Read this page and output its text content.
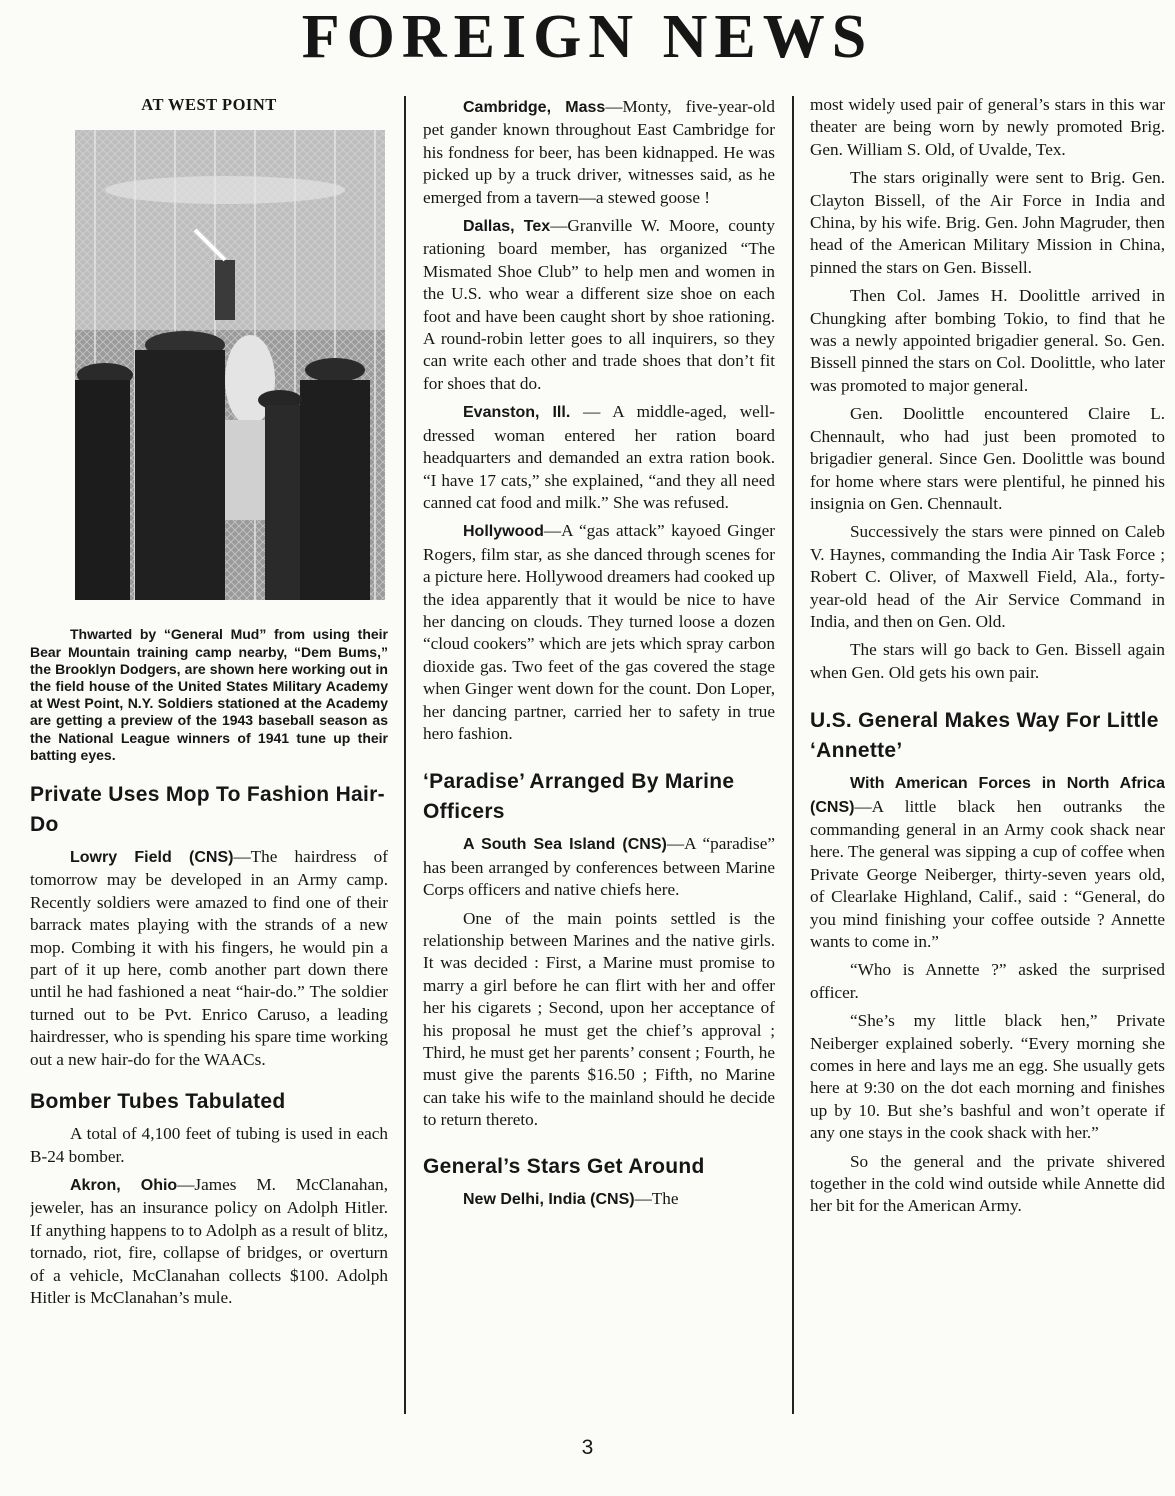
FOREIGN NEWS
AT WEST POINT
Thwarted by “General Mud” from using their Bear Mountain training camp nearby, “Dem Bums,” the Brooklyn Dodgers, are shown here working out in the field house of the United States Military Academy at West Point, N.Y. Soldiers stationed at the Academy are getting a preview of the 1943 baseball season as the National League winners of 1941 tune up their batting eyes.
Private Uses Mop To Fashion Hair-Do

Lowry Field (CNS)—The hairdress of tomorrow may be developed in an Army camp. Recently soldiers were amazed to find one of their barrack mates playing with the strands of a new mop. Combing it with his fingers, he would pin a part of it up here, comb another part down there until he had fashioned a neat “hair-do.” The soldier turned out to be Pvt. Enrico Caruso, a leading hairdresser, who is spending his spare time working out a new hair-do for the WAACs.

Bomber Tubes Tabulated

A total of 4,100 feet of tubing is used in each B-24 bomber.

Akron, Ohio—James M. McClanahan, jeweler, has an insurance policy on Adolph Hitler. If anything happens to to Adolph as a result of blitz, tornado, riot, fire, collapse of bridges, or overturn of a vehicle, McClanahan collects $100. Adolph Hitler is McClanahan’s mule.

Cambridge, Mass—Monty, five-year-old pet gander known throughout East Cambridge for his fondness for beer, has been kidnapped. He was picked up by a truck driver, witnesses said, as he emerged from a tavern—a stewed goose !

Dallas, Tex—Granville W. Moore, county rationing board member, has organized “The Mismated Shoe Club” to help men and women in the U.S. who wear a different size shoe on each foot and have been caught short by shoe rationing. A round-robin letter goes to all inquirers, so they can write each other and trade shoes that don’t fit for shoes that do.

Evanston, Ill. — A middle-aged, well-dressed woman entered her ration board headquarters and demanded an extra ration book. “I have 17 cats,” she explained, “and they all need canned cat food and milk.” She was refused.

Hollywood—A “gas attack” kayoed Ginger Rogers, film star, as she danced through scenes for a picture here. Hollywood dreamers had cooked up the idea apparently that it would be nice to have her dancing on clouds. They turned loose a dozen “cloud cookers” which are jets which spray carbon dioxide gas. Two feet of the gas covered the stage when Ginger went down for the count. Don Loper, her dancing partner, carried her to safety in true hero fashion.

‘Paradise’ Arranged By Marine Officers

A South Sea Island (CNS)—A “paradise” has been arranged by conferences between Marine Corps officers and native chiefs here.

One of the main points settled is the relationship between Marines and the native girls. It was decided : First, a Marine must promise to marry a girl before he can flirt with her and offer her his cigarets ; Second, upon her acceptance of his proposal he must get the chief’s approval ; Third, he must get her parents’ consent ; Fourth, he must give the parents $16.50 ; Fifth, no Marine can take his wife to the mainland should he decide to return thereto.

General’s Stars Get Around

New Delhi, India (CNS)—The

most widely used pair of general’s stars in this war theater are being worn by newly promoted Brig. Gen. William S. Old, of Uvalde, Tex.

The stars originally were sent to Brig. Gen. Clayton Bissell, of the Air Force in India and China, by his wife. Brig. Gen. John Magruder, then head of the American Military Mission in China, pinned the stars on Gen. Bissell.

Then Col. James H. Doolittle arrived in Chungking after bombing Tokio, to find that he was a newly appointed brigadier general. So. Gen. Bissell pinned the stars on Col. Doolittle, who later was promoted to major general.

Gen. Doolittle encountered Claire L. Chennault, who had just been promoted to brigadier general. Since Gen. Doolittle was bound for home where stars were plentiful, he pinned his insignia on Gen. Chennault.

Successively the stars were pinned on Caleb V. Haynes, commanding the India Air Task Force ; Robert C. Oliver, of Maxwell Field, Ala., forty-year-old head of the Air Service Command in India, and then on Gen. Old.

The stars will go back to Gen. Bissell again when Gen. Old gets his own pair.

U.S. General Makes Way For Little ‘Annette’

With American Forces in North Africa (CNS)—A little black hen outranks the commanding general in an Army cook shack near here. The general was sipping a cup of coffee when Private George Neiberger, thirty-seven years old, of Clearlake Highland, Calif., said : “General, do you mind finishing your coffee outside ? Annette wants to come in.”

“Who is Annette ?” asked the surprised officer.

“She’s my little black hen,” Private Neiberger explained soberly. “Every morning she comes in here and lays me an egg. She usually gets here at 9:30 on the dot each morning and finishes up by 10. But she’s bashful and won’t operate if any one stays in the cook shack with her.”

So the general and the private shivered together in the cold wind outside while Annette did her bit for the American Army.

3
